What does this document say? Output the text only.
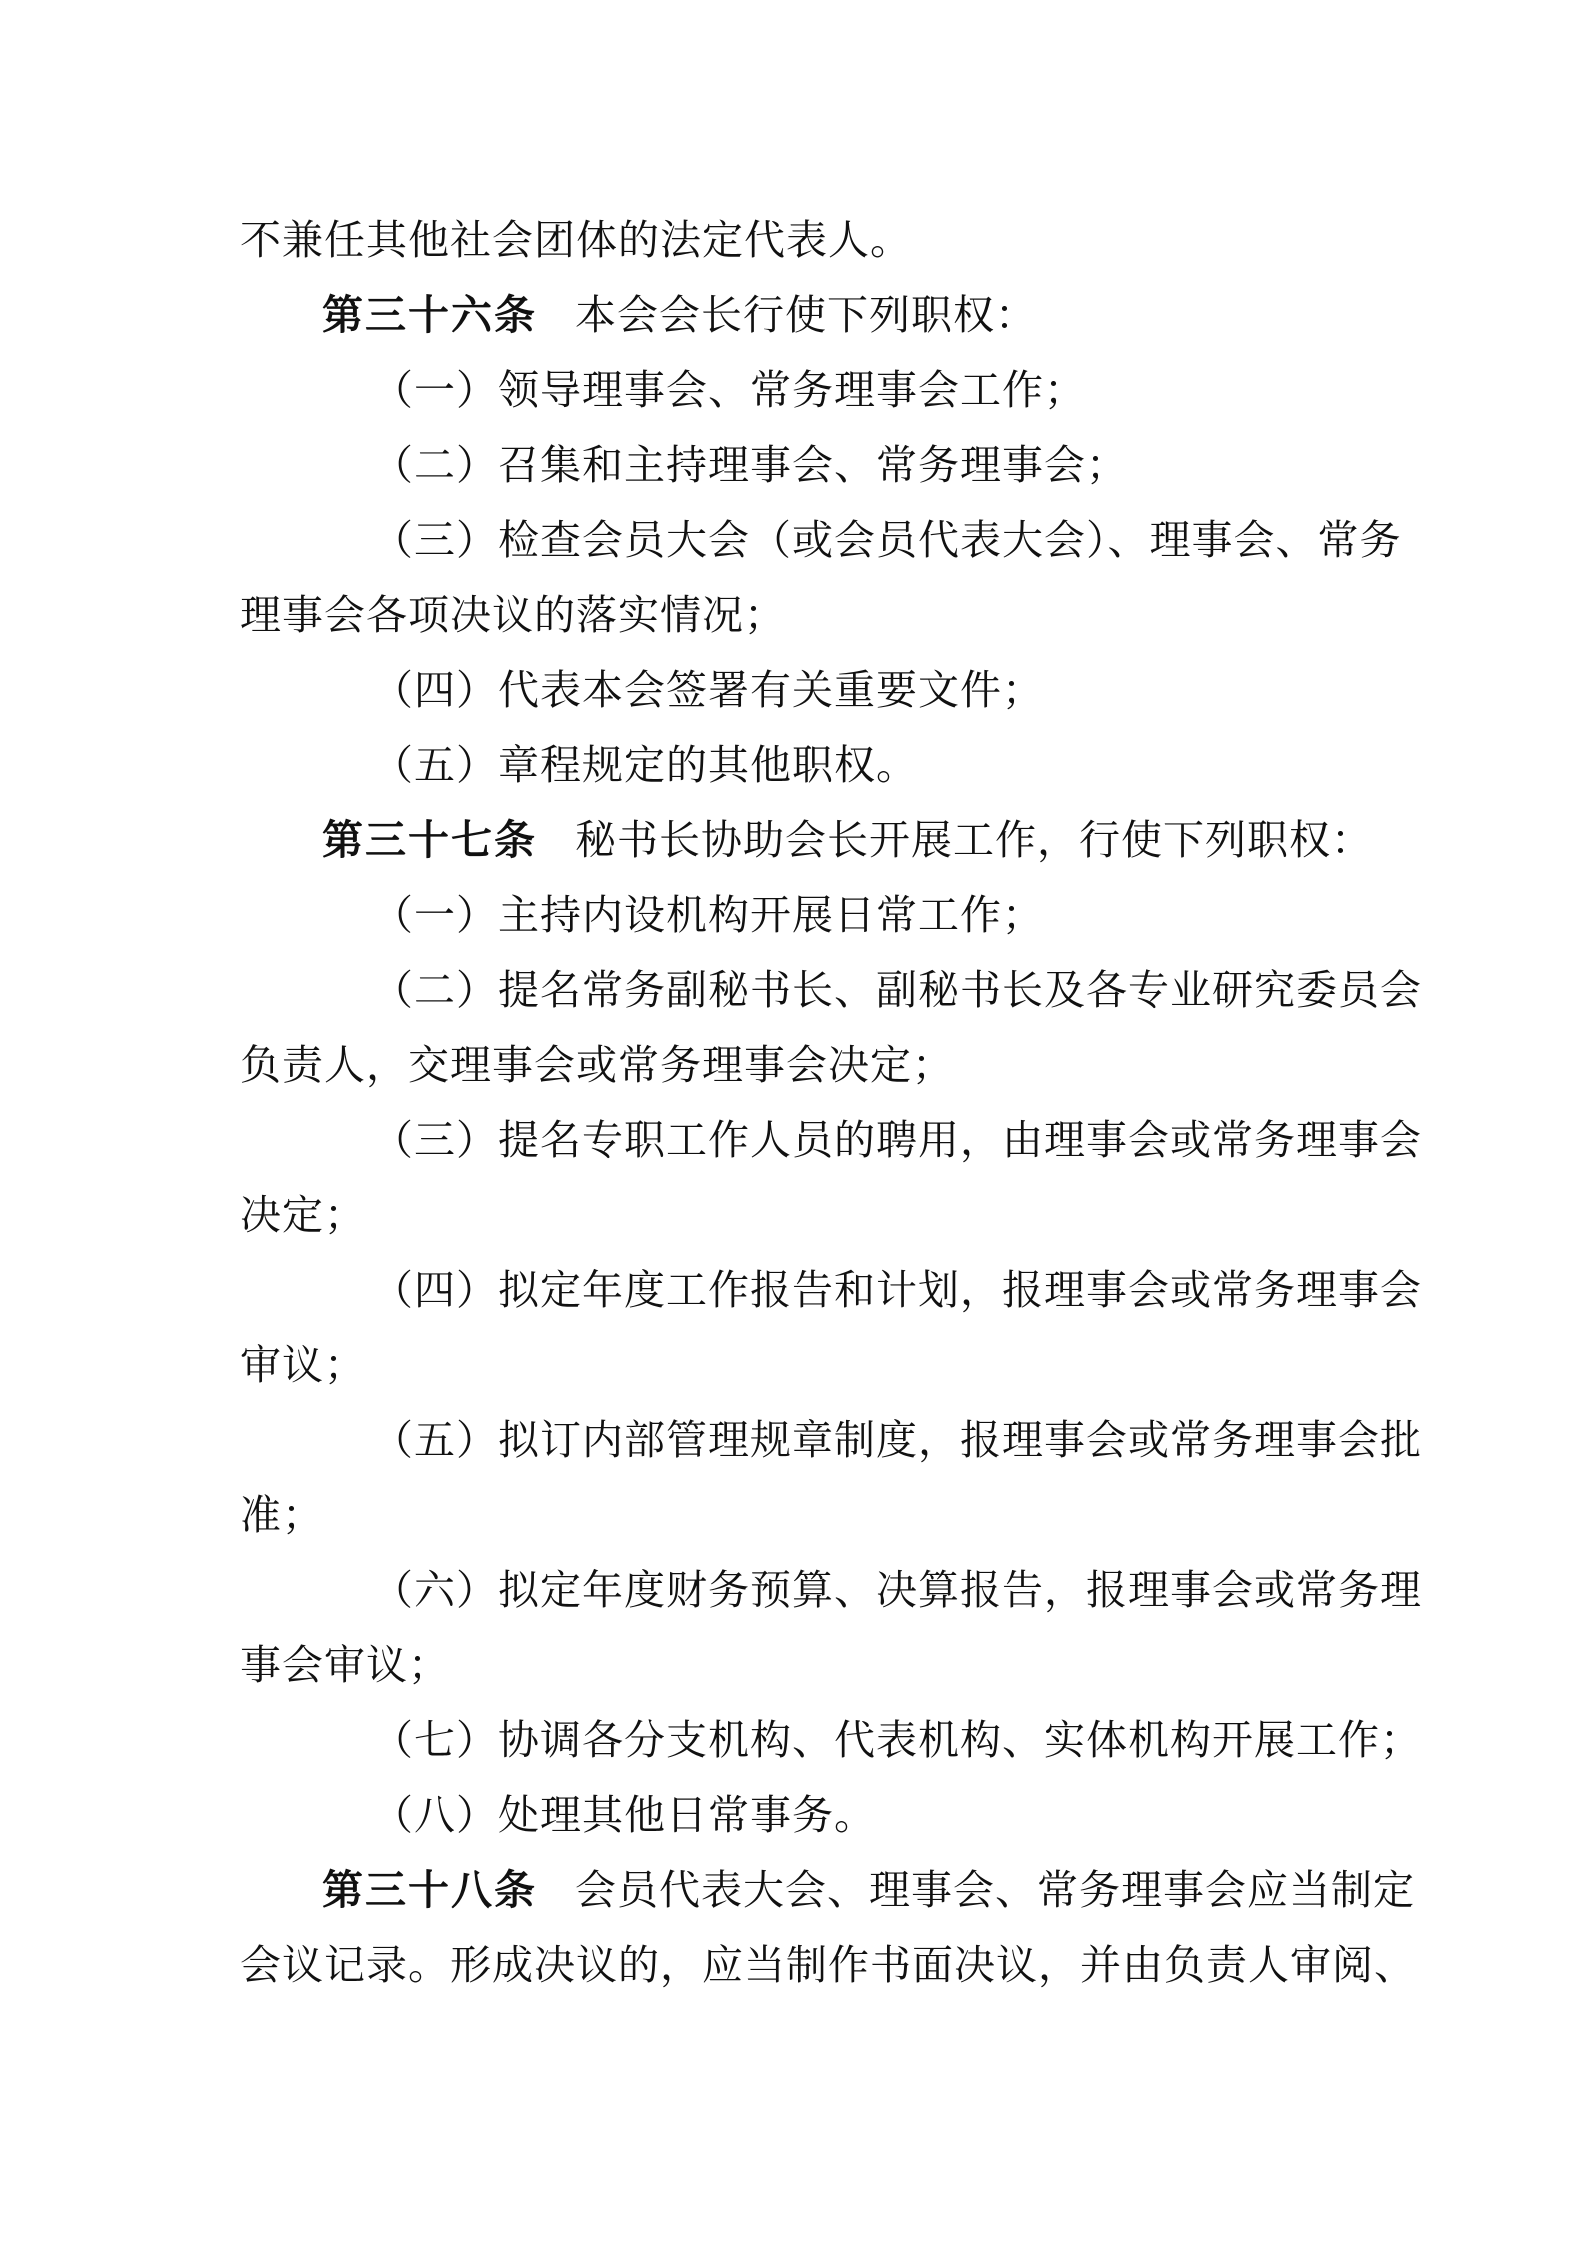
不兼任其他社会团体的法定代表人。
第三十六条 本会会长行使下列职权：
（一）领导理事会、常务理事会工作；
（二）召集和主持理事会、常务理事会；
（三）检查会员大会（或会员代表大会）、理事会、常务
理事会各项决议的落实情况；
（四）代表本会签署有关重要文件；
（五）章程规定的其他职权。
第三十七条 秘书长协助会长开展工作，行使下列职权：
（一）主持内设机构开展日常工作；
（二）提名常务副秘书长、副秘书长及各专业研究委员会
负责人，交理事会或常务理事会决定；
（三）提名专职工作人员的聘用，由理事会或常务理事会
决定；
（四）拟定年度工作报告和计划，报理事会或常务理事会
审议；
（五）拟订内部管理规章制度，报理事会或常务理事会批
准；
（六）拟定年度财务预算、决算报告，报理事会或常务理
事会审议；
（七）协调各分支机构、代表机构、实体机构开展工作；
（八）处理其他日常事务。
第三十八条 会员代表大会、理事会、常务理事会应当制定
会议记录。形成决议的，应当制作书面决议，并由负责人审阅、
